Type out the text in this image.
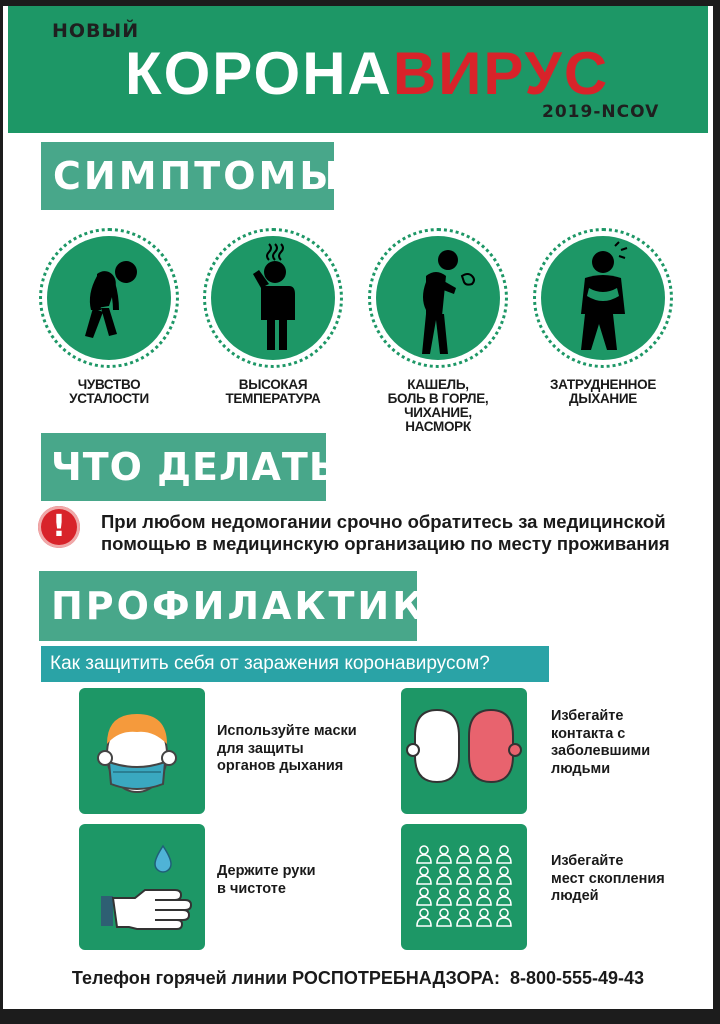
НОВЫЙ
КОРОНАВИРУС
2019-NCOV
СИМПТОМЫ
ЧУВСТВО
УСТАЛОСТИ
ВЫСОКАЯ
ТЕМПЕРАТУРА
КАШЕЛЬ,
БОЛЬ В ГОРЛЕ,
ЧИХАНИЕ,
НАСМОРК
ЗАТРУДНЕННОЕ
ДЫХАНИЕ
ЧТО ДЕЛАТЬ
!	При любом недомогании срочно обратитесь за медицинской
помощью в медицинскую организацию по месту проживания
ПРОФИЛАКТИКА
Как защитить себя от заражения коронавирусом?
Используйте маски
для защиты
органов дыхания
Избегайте
контакта с
заболевшими
людьми
Держите руки
в чистоте
Избегайте
мест скопления
людей
Телефон горячей линии РОСПОТРЕБНАДЗОРА: 8-800-555-49-43
